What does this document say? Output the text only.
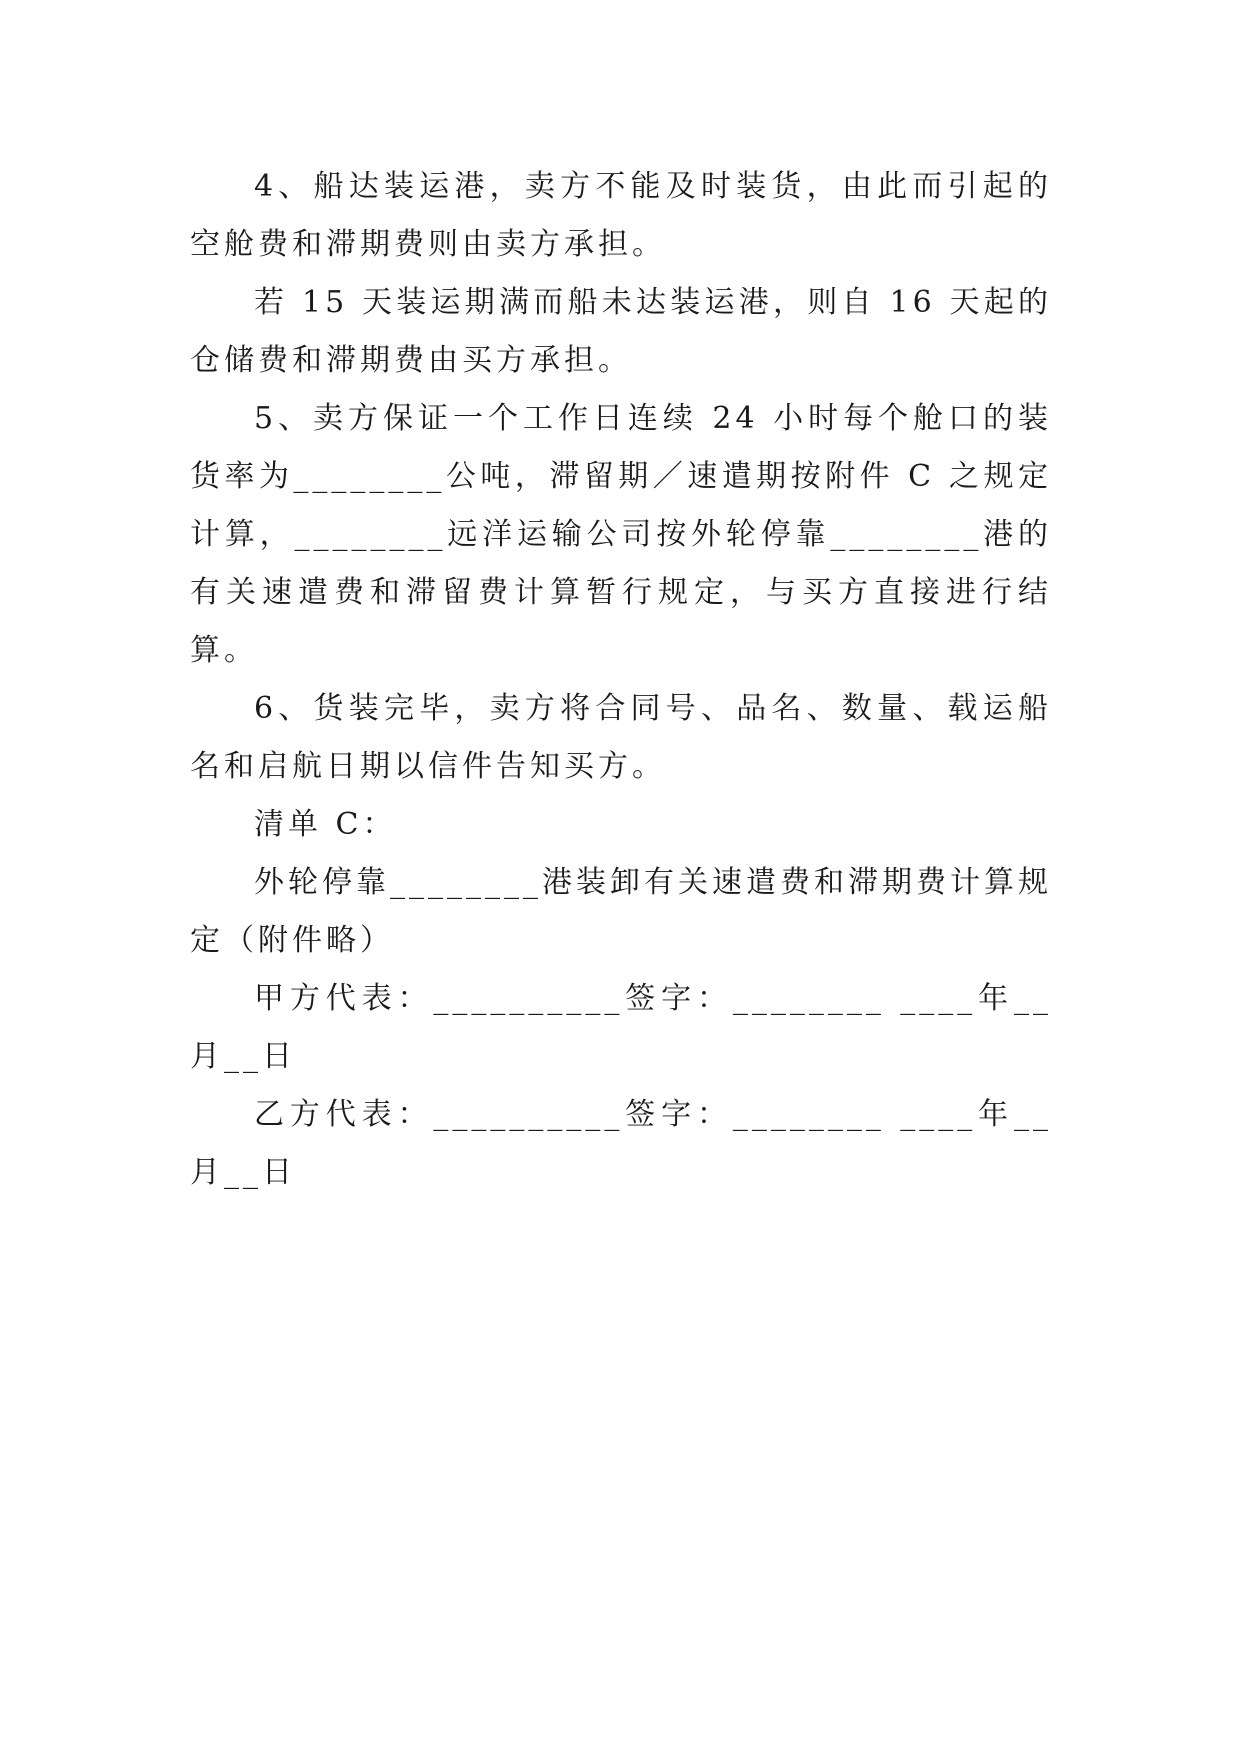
4、船达装运港，卖方不能及时装货，由此而引起的空舱费和滞期费则由卖方承担。

若 15 天装运期满而船未达装运港，则自 16 天起的仓储费和滞期费由买方承担。

5、卖方保证一个工作日连续 24 小时每个舱口的装货率为________公吨，滞留期／速遣期按附件 C 之规定计算，________远洋运输公司按外轮停靠________港的有关速遣费和滞留费计算暂行规定，与买方直接进行结算。

6、货装完毕，卖方将合同号、品名、数量、载运船名和启航日期以信件告知买方。

清单 C：

外轮停靠________港装卸有关速遣费和滞期费计算规定（附件略）

甲方代表：__________签字：________ ____年__月__日

乙方代表：__________签字：________ ____年__月__日
